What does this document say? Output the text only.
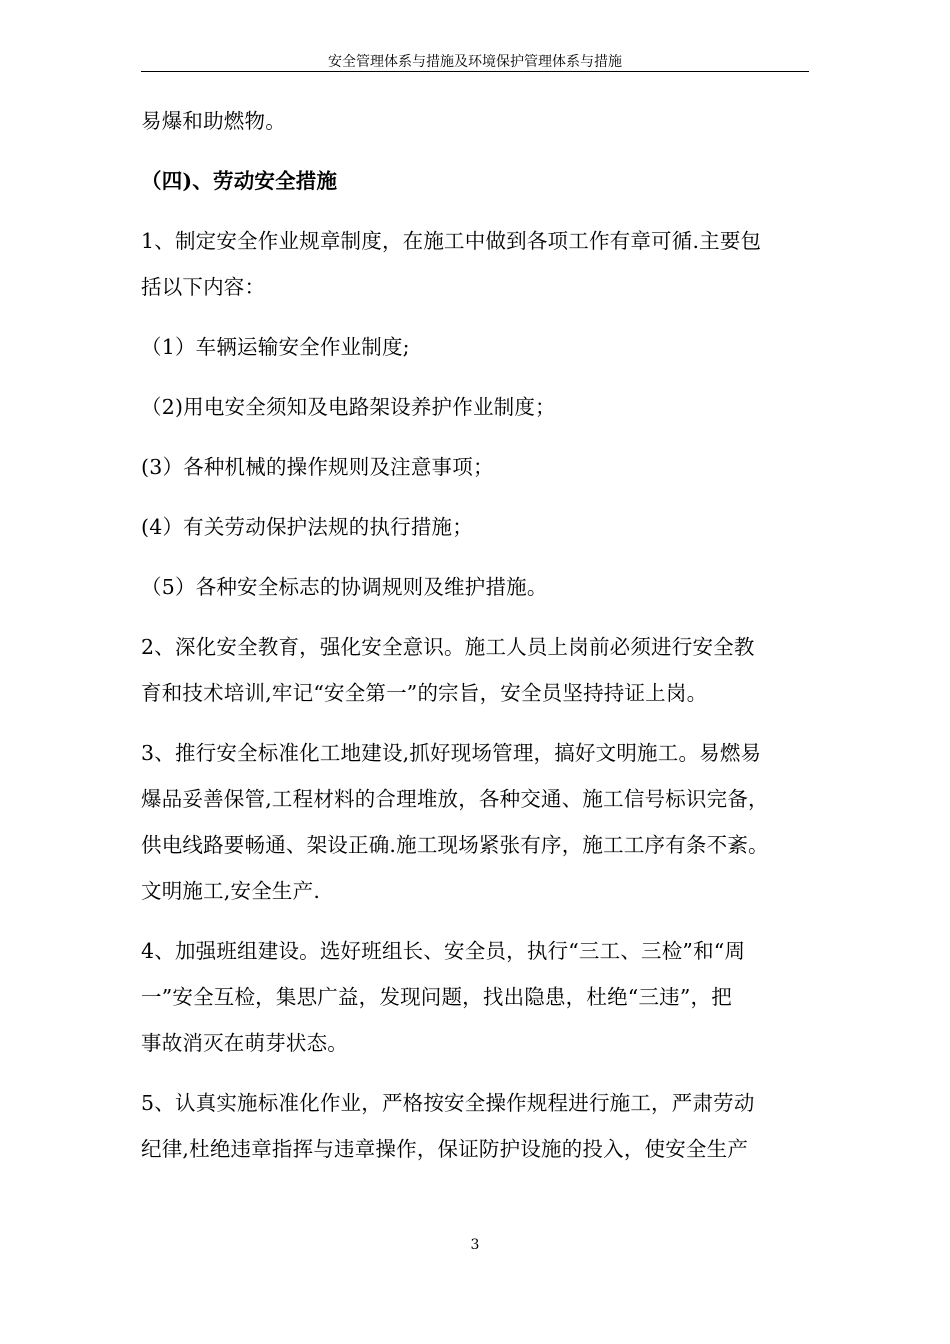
安全管理体系与措施及环境保护管理体系与措施
易爆和助燃物。
（四)、劳动安全措施
1、制定安全作业规章制度，在施工中做到各项工作有章可循.主要包
括以下内容：
（1）车辆运输安全作业制度;
（2)用电安全须知及电路架设养护作业制度；
(3）各种机械的操作规则及注意事项；
(4）有关劳动保护法规的执行措施；
（5）各种安全标志的协调规则及维护措施。
2、深化安全教育，强化安全意识。施工人员上岗前必须进行安全教
育和技术培训,牢记“安全第一”的宗旨，安全员坚持持证上岗。
3、推行安全标准化工地建设,抓好现场管理，搞好文明施工。易燃易
爆品妥善保管,工程材料的合理堆放，各种交通、施工信号标识完备，
供电线路要畅通、架设正确.施工现场紧张有序，施工工序有条不紊。
文明施工,安全生产.
4、加强班组建设。选好班组长、安全员，执行“三工、三检”和“周
一”安全互检，集思广益，发现问题，找出隐患，杜绝“三违”，把
事故消灭在萌芽状态。
5、认真实施标准化作业，严格按安全操作规程进行施工，严肃劳动
纪律,杜绝违章指挥与违章操作，保证防护设施的投入，使安全生产
3
